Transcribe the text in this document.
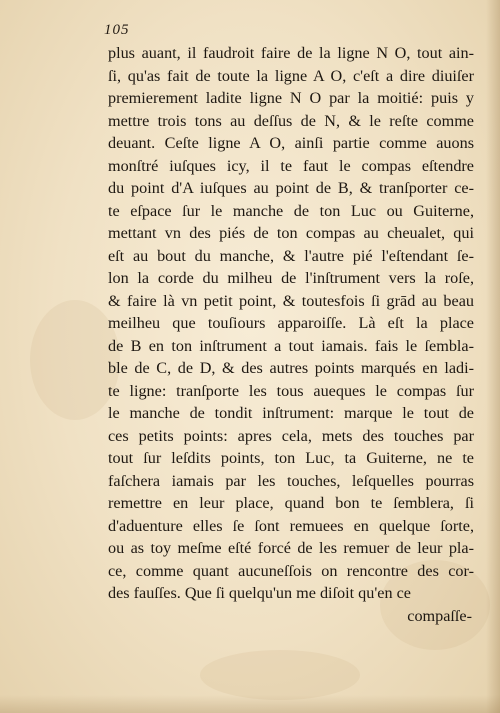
105
plus auant, il faudroit faire de la ligne N O, tout ain-
ſi, qu'as fait de toute la ligne A O, c'eſt a dire diuiſer
premierement ladite ligne N O par la moitié: puis y
mettre trois tons au deſſus de N, & le reſte comme
deuant. Ceſte ligne A O, ainſi partie comme auons
monſtré iuſques icy, il te faut le compas eſtendre
du point d'A iuſques au point de B, & tranſporter ce-
te eſpace ſur le manche de ton Luc ou Guiterne,
mettant vn des piés de ton compas au cheualet, qui
eſt au bout du manche, & l'autre pié l'eſtendant ſe-
lon la corde du milheu de l'inſtrument vers la roſe,
& faire là vn petit point, & toutesfois ſi grād au beau
meilheu que touſiours apparoiſſe. Là eſt la place
de B en ton inſtrument a tout iamais. fais le ſembla-
ble de C, de D, & des autres points marqués en ladi-
te ligne: tranſporte les tous aueques le compas ſur
le manche de tondit inſtrument: marque le tout de
ces petits points: apres cela, mets des touches par
tout ſur leſdits points, ton Luc, ta Guiterne, ne te
faſchera iamais par les touches, leſquelles pourras
remettre en leur place, quand bon te ſemblera, ſi
d'aduenture elles ſe ſont remuees en quelque ſorte,
ou as toy meſme eſté forcé de les remuer de leur pla-
ce, comme quant aucuneſſois on rencontre des cor-
des fauſſes. Que ſi quelqu'un me diſoit qu'en ce
compaſſe-
